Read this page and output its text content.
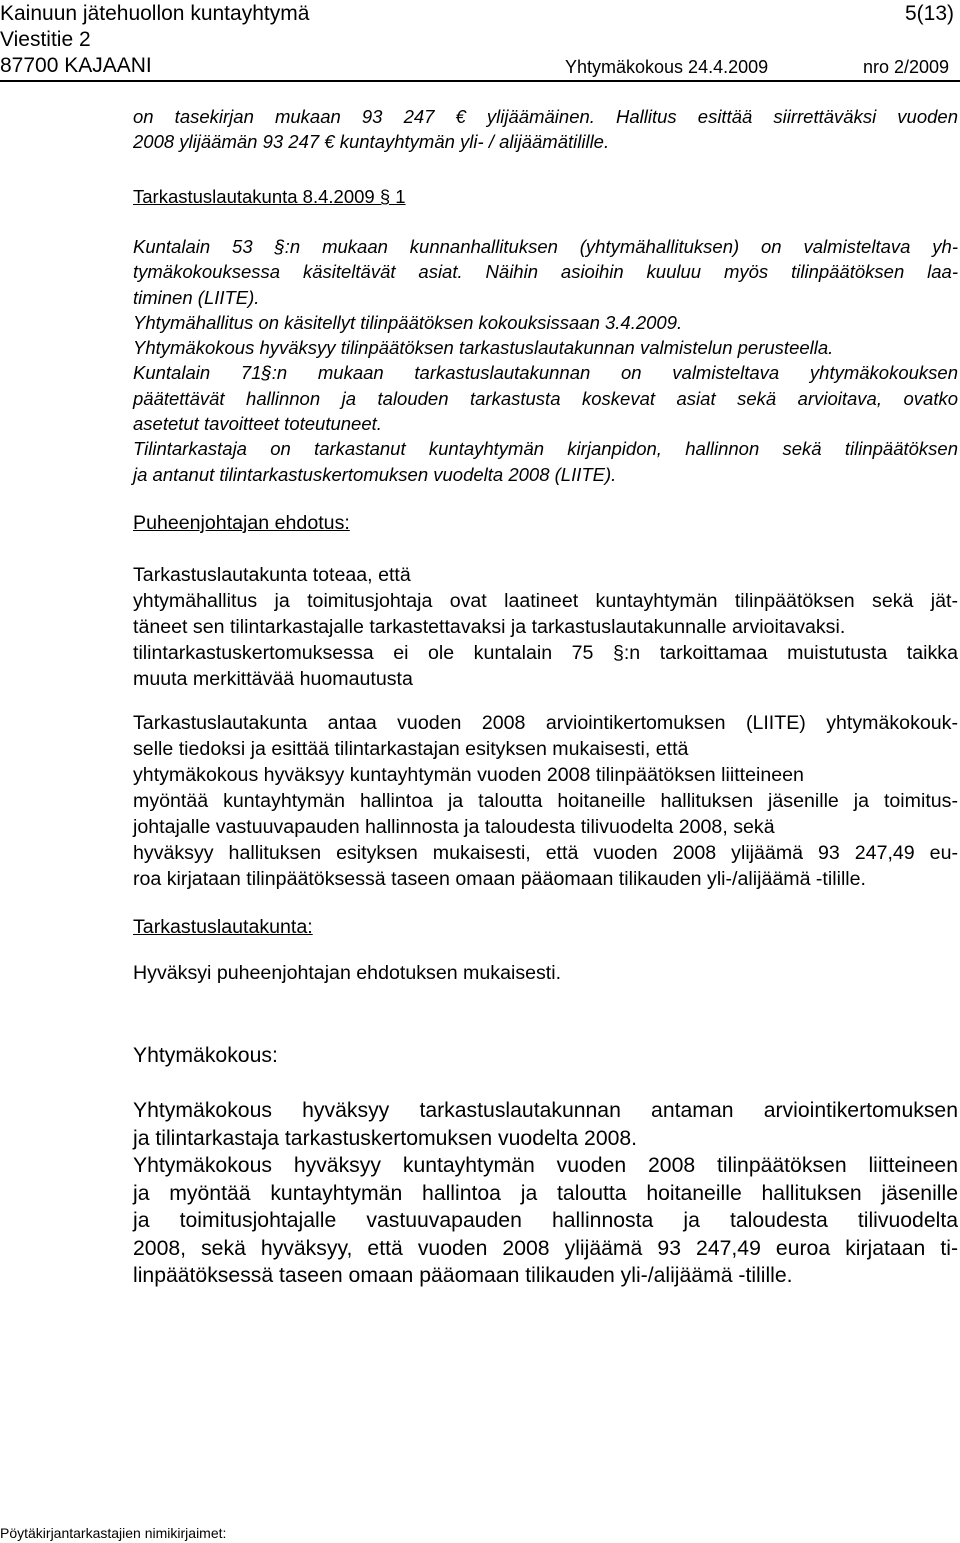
Kainuun jätehuollon kuntayhtymä	5(13)
Viestitie 2
87700 KAJAANI	Yhtymäkokous 24.4.2009	nro 2/2009
on tasekirjan mukaan 93 247 € ylijäämäinen. Hallitus esittää siirrettäväksi vuoden
2008 ylijäämän 93 247 € kuntayhtymän yli- / alijäämätilille.
Tarkastuslautakunta 8.4.2009 § 1
Kuntalain 53 §:n mukaan kunnanhallituksen (yhtymähallituksen) on valmisteltava yh-
tymäkokouksessa käsiteltävät asiat. Näihin asioihin kuuluu myös tilinpäätöksen laa-
timinen (LIITE).
Yhtymähallitus on käsitellyt tilinpäätöksen kokouksissaan 3.4.2009.
Yhtymäkokous hyväksyy tilinpäätöksen tarkastuslautakunnan valmistelun perusteella.
Kuntalain 71§:n mukaan tarkastuslautakunnan on valmisteltava yhtymäkokouksen
päätettävät hallinnon ja talouden tarkastusta koskevat asiat sekä arvioitava, ovatko
asetetut tavoitteet toteutuneet.
Tilintarkastaja on tarkastanut kuntayhtymän kirjanpidon, hallinnon sekä tilinpäätöksen
ja antanut tilintarkastuskertomuksen vuodelta 2008 (LIITE).
Puheenjohtajan ehdotus:
Tarkastuslautakunta toteaa, että
yhtymähallitus ja toimitusjohtaja ovat laatineet kuntayhtymän tilinpäätöksen sekä jät-
täneet sen tilintarkastajalle tarkastettavaksi ja tarkastuslautakunnalle arvioitavaksi.
tilintarkastuskertomuksessa ei ole kuntalain 75 §:n tarkoittamaa muistutusta taikka
muuta merkittävää huomautusta
Tarkastuslautakunta antaa vuoden 2008 arviointikertomuksen (LIITE) yhtymäkokouk-
selle tiedoksi ja esittää tilintarkastajan esityksen mukaisesti, että
yhtymäkokous hyväksyy kuntayhtymän vuoden 2008 tilinpäätöksen liitteineen
myöntää kuntayhtymän hallintoa ja taloutta hoitaneille hallituksen jäsenille ja toimitus-
johtajalle vastuuvapauden hallinnosta ja taloudesta tilivuodelta 2008, sekä
hyväksyy hallituksen esityksen mukaisesti, että vuoden 2008 ylijäämä 93 247,49 eu-
roa kirjataan tilinpäätöksessä taseen omaan pääomaan tilikauden yli-/alijäämä -tilille.
Tarkastuslautakunta:
Hyväksyi puheenjohtajan ehdotuksen mukaisesti.
Yhtymäkokous:
Yhtymäkokous hyväksyy tarkastuslautakunnan antaman arviointikertomuksen
ja tilintarkastaja tarkastuskertomuksen vuodelta 2008.
Yhtymäkokous hyväksyy kuntayhtymän vuoden 2008 tilinpäätöksen liitteineen
ja myöntää kuntayhtymän hallintoa ja taloutta hoitaneille hallituksen jäsenille
ja toimitusjohtajalle vastuuvapauden hallinnosta ja taloudesta tilivuodelta
2008, sekä hyväksyy, että vuoden 2008 ylijäämä 93 247,49 euroa kirjataan ti-
linpäätöksessä taseen omaan pääomaan tilikauden yli-/alijäämä -tilille.
Pöytäkirjantarkastajien nimikirjaimet:
